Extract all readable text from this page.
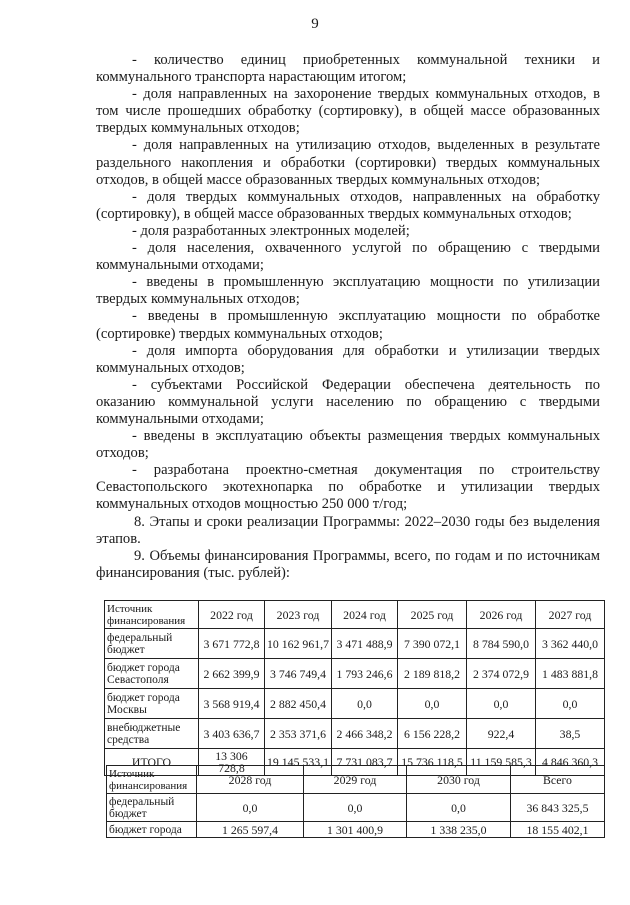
9

- количество единиц приобретенных коммунальной техники и коммунального транспорта нарастающим итогом;

- доля направленных на захоронение твердых коммунальных отходов, в том числе прошедших обработку (сортировку), в общей массе образованных твердых коммунальных отходов;

- доля направленных на утилизацию отходов, выделенных в результате раздельного накопления и обработки (сортировки) твердых коммунальных отходов, в общей массе образованных твердых коммунальных отходов;

- доля твердых коммунальных отходов, направленных на обработку (сортировку), в общей массе образованных твердых коммунальных отходов;

- доля разработанных электронных моделей;

- доля населения, охваченного услугой по обращению с твердыми коммунальными отходами;

- введены в промышленную эксплуатацию мощности по утилизации твердых коммунальных отходов;

- введены в промышленную эксплуатацию мощности по обработке (сортировке) твердых коммунальных отходов;

- доля импорта оборудования для обработки и утилизации твердых коммунальных отходов;

- субъектами Российской Федерации обеспечена деятельность по оказанию коммунальной услуги населению по обращению с твердыми коммунальными отходами;

- введены в эксплуатацию объекты размещения твердых коммунальных отходов;

- разработана проектно-сметная документация по строительству Севастопольского экотехнопарка по обработке и утилизации твердых коммунальных отходов мощностью 250 000 т/год;

8. Этапы и сроки реализации Программы: 2022–2030 годы без выделения этапов.

9. Объемы финансирования Программы, всего, по годам и по источникам финансирования (тыс. рублей):

Источник финансирования	2022 год	2023 год	2024 год	2025 год	2026 год	2027 год
федеральный бюджет	3 671 772,8	10 162 961,7	3 471 488,9	7 390 072,1	8 784 590,0	3 362 440,0
бюджет города Севастополя	2 662 399,9	3 746 749,4	1 793 246,6	2 189 818,2	2 374 072,9	1 483 881,8
бюджет города Москвы	3 568 919,4	2 882 450,4	0,0	0,0	0,0	0,0
внебюджетные средства	3 403 636,7	2 353 371,6	2 466 348,2	6 156 228,2	922,4	38,5
ИТОГО	13 306 728,8	19 145 533,1	7 731 083,7	15 736 118,5	11 159 585,3	4 846 360,3
Источник финансирования	2028 год	2029 год	2030 год	Всего
федеральный бюджет	0,0	0,0	0,0	36 843 325,5
бюджет города	1 265 597,4	1 301 400,9	1 338 235,0	18 155 402,1
